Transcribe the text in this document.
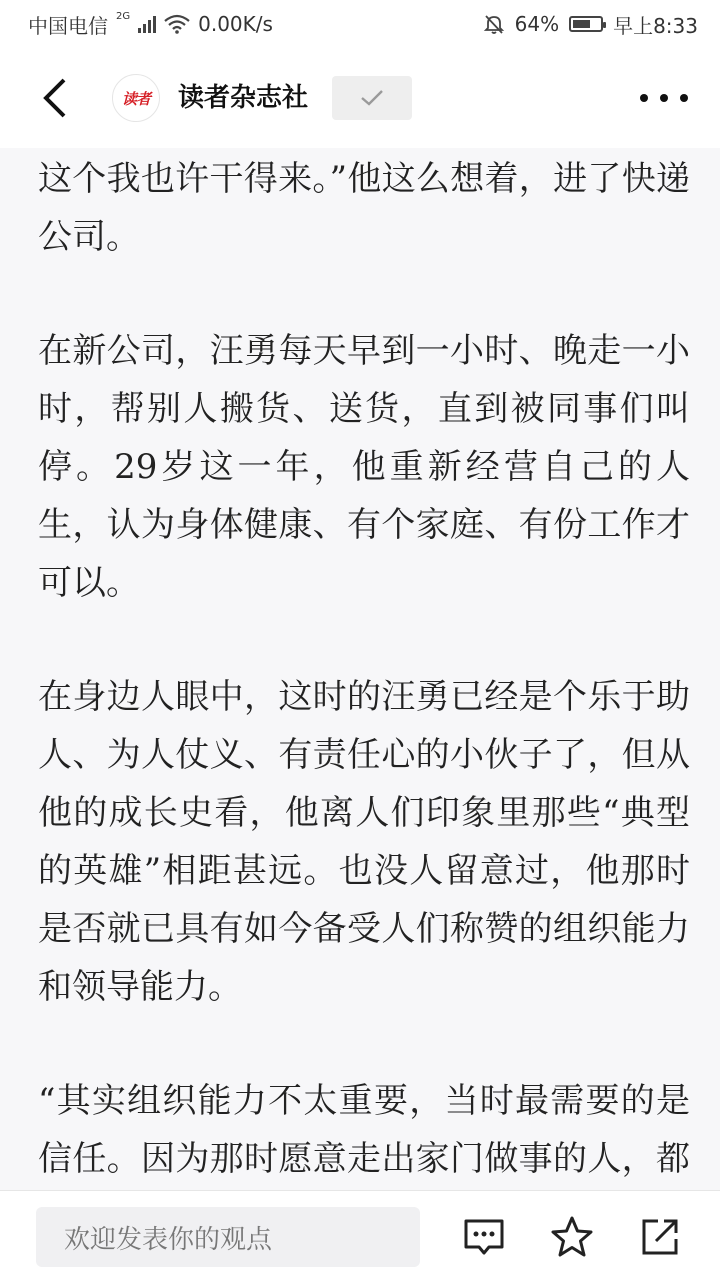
中国电信 2G	0.00K/s	64%	早上8:33
读者 读者杂志社

这个我也许干得来。”他这么想着，进了快递公司。

在新公司，汪勇每天早到一小时、晚走一小时，帮别人搬货、送货，直到被同事们叫停。29岁这一年，他重新经营自己的人生，认为身体健康、有个家庭、有份工作才可以。

在身边人眼中，这时的汪勇已经是个乐于助人、为人仗义、有责任心的小伙子了，但从他的成长史看，他离人们印象里那些“典型的英雄”相距甚远。也没人留意过，他那时是否就已具有如今备受人们称赞的组织能力和领导能力。

“其实组织能力不太重要，当时最需要的是信任。因为那时愿意走出家门做事的人，都

欢迎发表你的观点
